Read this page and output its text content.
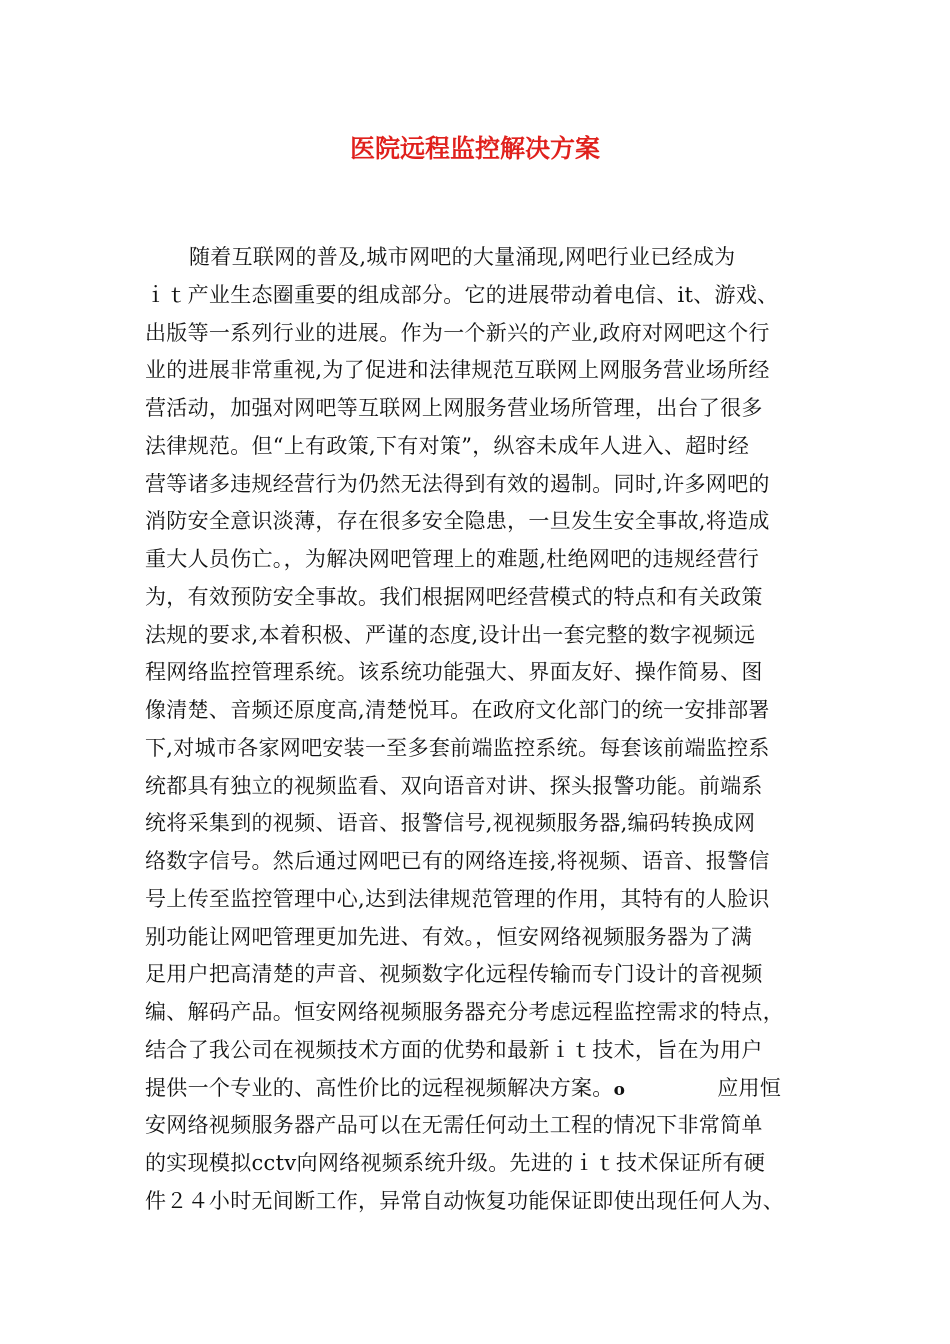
医院远程监控解决方案
随着互联网的普及,城市网吧的大量涌现,网吧行业已经成为
ｉｔ产业生态圈重要的组成部分。它的进展带动着电信、it、游戏、
出版等一系列行业的进展。作为一个新兴的产业,政府对网吧这个行
业的进展非常重视,为了促进和法律规范互联网上网服务营业场所经
营活动，加强对网吧等互联网上网服务营业场所管理，出台了很多
法律规范。但“上有政策,下有对策”，纵容未成年人进入、超时经
营等诸多违规经营行为仍然无法得到有效的遏制。同时,许多网吧的
消防安全意识淡薄，存在很多安全隐患，一旦发生安全事故,将造成
重大人员伤亡。，为解决网吧管理上的难题,杜绝网吧的违规经营行
为，有效预防安全事故。我们根据网吧经营模式的特点和有关政策
法规的要求,本着积极、严谨的态度,设计出一套完整的数字视频远
程网络监控管理系统。该系统功能强大、界面友好、操作简易、图
像清楚、音频还原度高,清楚悦耳。在政府文化部门的统一安排部署
下,对城市各家网吧安装一至多套前端监控系统。每套该前端监控系
统都具有独立的视频监看、双向语音对讲、探头报警功能。前端系
统将采集到的视频、语音、报警信号,视视频服务器,编码转换成网
络数字信号。然后通过网吧已有的网络连接,将视频、语音、报警信
号上传至监控管理中心,达到法律规范管理的作用，其特有的人脸识
别功能让网吧管理更加先进、有效。，恒安网络视频服务器为了满
足用户把高清楚的声音、视频数字化远程传输而专门设计的音视频
编、解码产品。恒安网络视频服务器充分考虑远程监控需求的特点，
结合了我公司在视频技术方面的优势和最新ｉｔ技术，旨在为用户
提供一个专业的、高性价比的远程视频解决方案。o	应用恒
安网络视频服务器产品可以在无需任何动土工程的情况下非常简单
的实现模拟cctv向网络视频系统升级。先进的ｉｔ技术保证所有硬
件２４小时无间断工作，异常自动恢复功能保证即使出现任何人为、
